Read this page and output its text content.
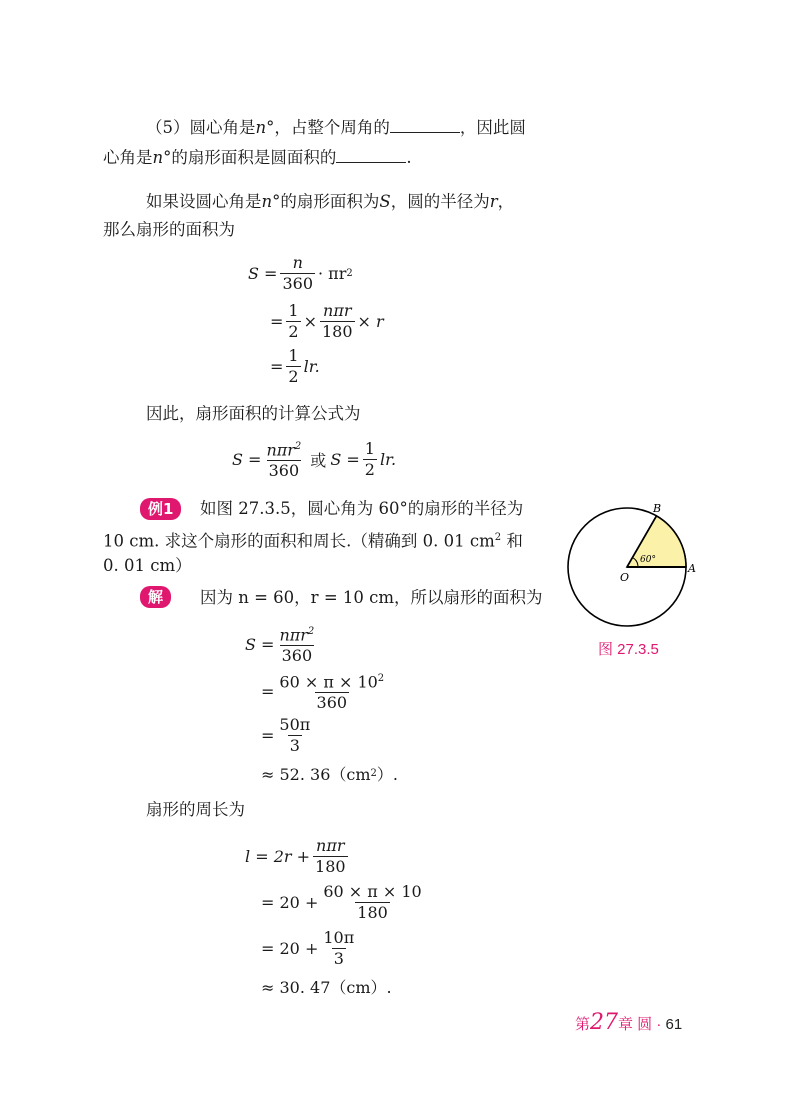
（5）圆心角是n°，占整个周角的	，因此圆
心角是n°的扇形面积是圆面积的	.
如果设圆心角是n°的扇形面积为S，圆的半径为r，
那么扇形的面积为
$S = \frac{n}{360} \cdot \pi r$ 2
= $\frac{1}{2} \times \frac{\text{nπr}}{180} \times r$
= $\frac{1}{2}$ lr.
因此，扇形面积的计算公式为
$S = \frac{n\pi r^2}{360}$ 或 $S = \frac{1}{2}$ lr.
例1	如图 27.3.5，圆心角为 60°的扇形的半径为
10 cm. 求这个扇形的面积和周长.（精确到 0. 01 $cm^2$ 和
0. 01 cm）
解	因为 n = 60，r = 10 cm，所以扇形的面积为
$S = \frac{n\pi r^2}{360}$
= $\frac{60 \times \pi \times 10^2}{360}$
= $\frac{50\pi}{3}$
≈ 52. 36（cm 2 ）.
扇形的周长为
$l = 2r + \frac{\text{nπr}}{180}$
= $20 + \frac{60 \times \pi \times 10}{180}$
= $20 + \frac{10\pi}{3}$
≈ 30. 47（cm）.
60°
B
A
O
图 27.3.5
第27章 圆 · 61
